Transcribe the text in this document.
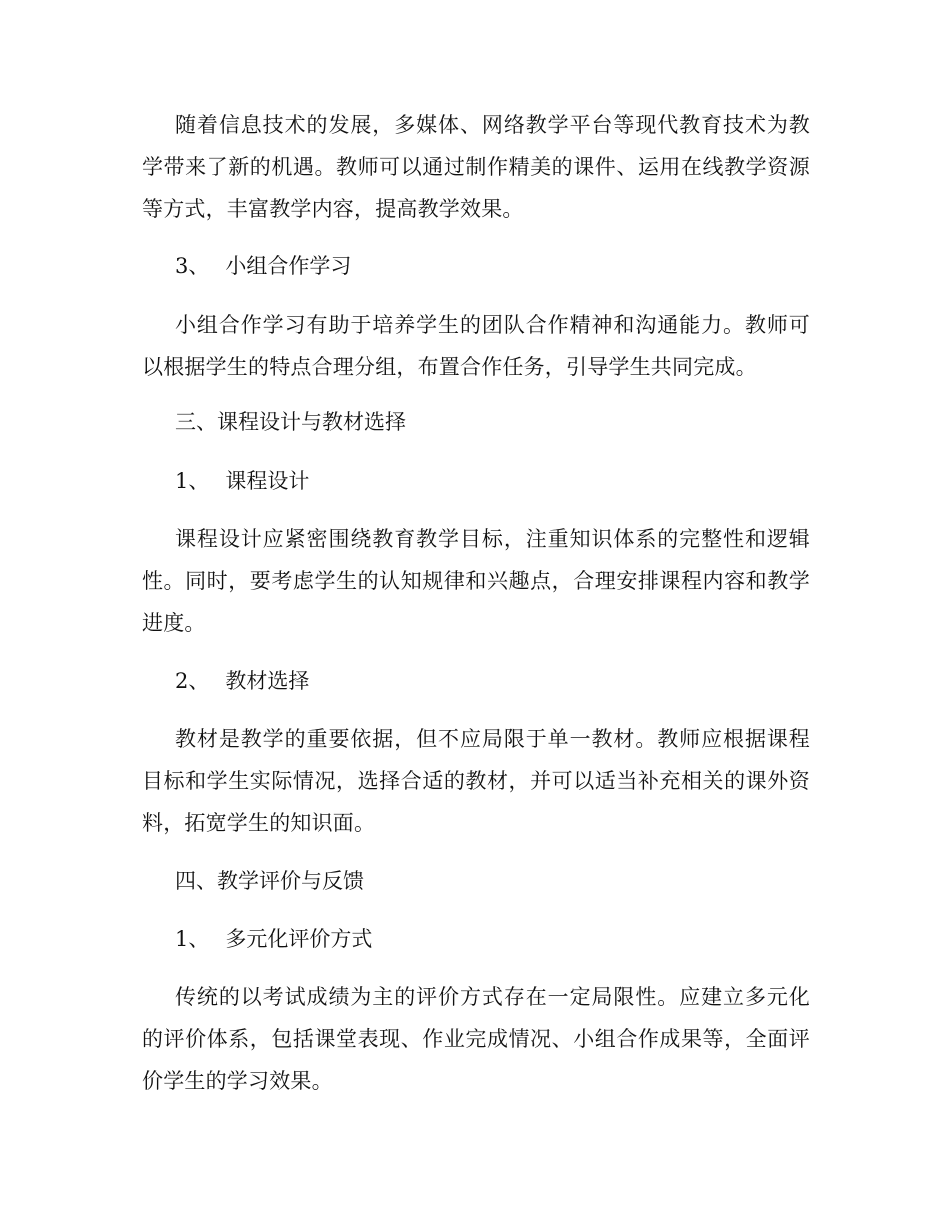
随着信息技术的发展，多媒体、网络教学平台等现代教育技术为教学带来了新的机遇。教师可以通过制作精美的课件、运用在线教学资源等方式，丰富教学内容，提高教学效果。

3、 小组合作学习

小组合作学习有助于培养学生的团队合作精神和沟通能力。教师可以根据学生的特点合理分组，布置合作任务，引导学生共同完成。

三、课程设计与教材选择
1、 课程设计

课程设计应紧密围绕教育教学目标，注重知识体系的完整性和逻辑性。同时，要考虑学生的认知规律和兴趣点，合理安排课程内容和教学进度。

2、 教材选择

教材是教学的重要依据，但不应局限于单一教材。教师应根据课程目标和学生实际情况，选择合适的教材，并可以适当补充相关的课外资料，拓宽学生的知识面。

四、教学评价与反馈
1、 多元化评价方式

传统的以考试成绩为主的评价方式存在一定局限性。应建立多元化的评价体系，包括课堂表现、作业完成情况、小组合作成果等，全面评价学生的学习效果。
